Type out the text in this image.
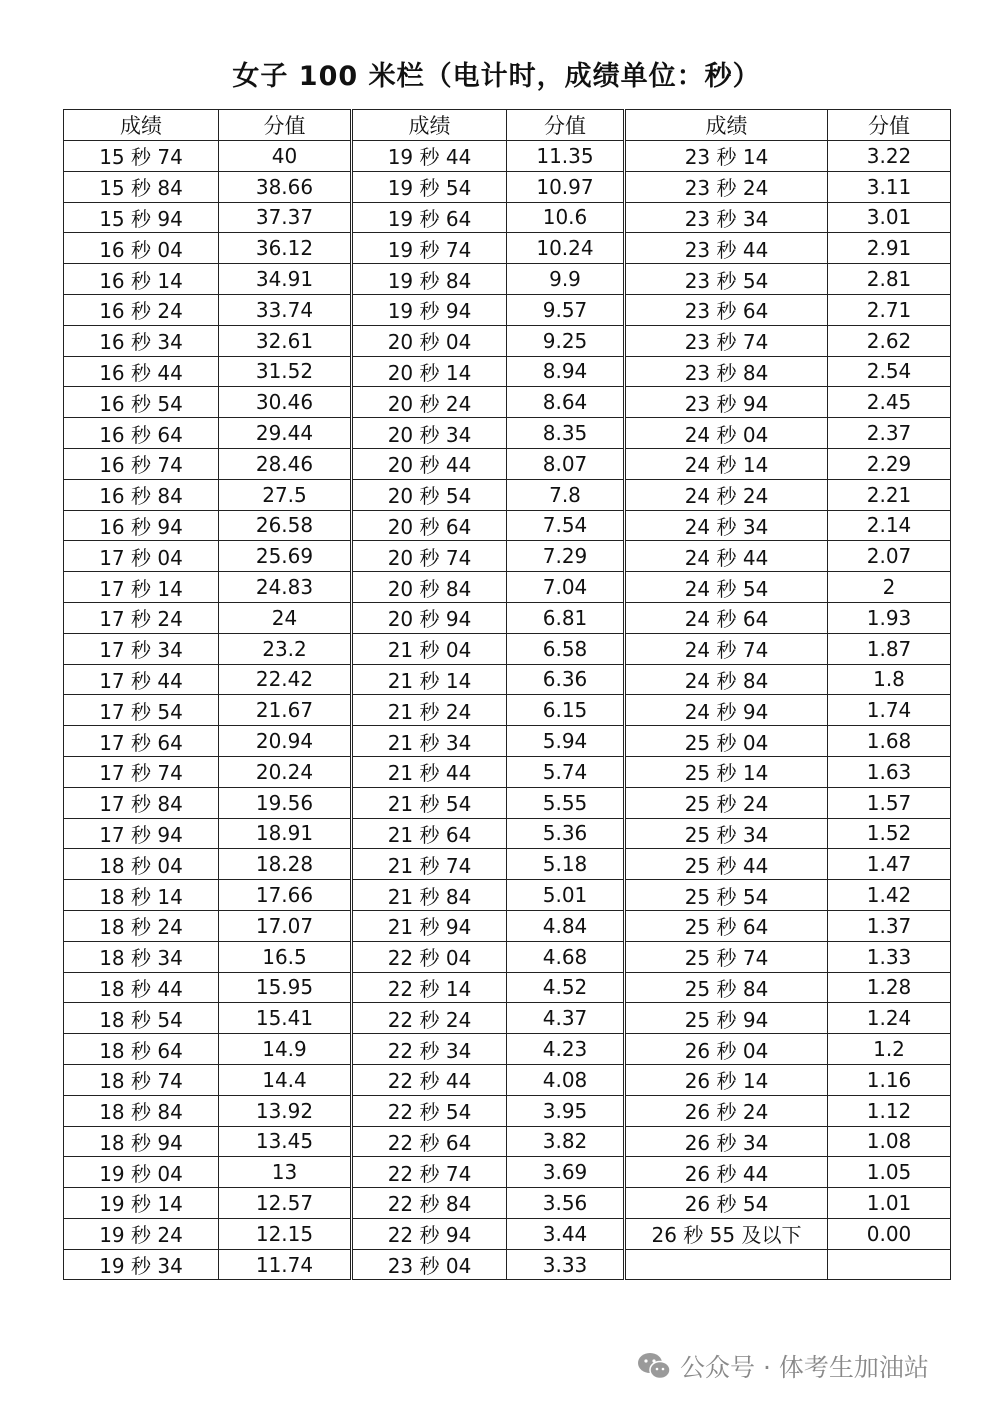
女子 100 米栏（电计时，成绩单位：秒）
成绩	分值	成绩	分值	成绩	分值
15 秒 74	40	19 秒 44	11.35	23 秒 14	3.22
15 秒 84	38.66	19 秒 54	10.97	23 秒 24	3.11
15 秒 94	37.37	19 秒 64	10.6	23 秒 34	3.01
16 秒 04	36.12	19 秒 74	10.24	23 秒 44	2.91
16 秒 14	34.91	19 秒 84	9.9	23 秒 54	2.81
16 秒 24	33.74	19 秒 94	9.57	23 秒 64	2.71
16 秒 34	32.61	20 秒 04	9.25	23 秒 74	2.62
16 秒 44	31.52	20 秒 14	8.94	23 秒 84	2.54
16 秒 54	30.46	20 秒 24	8.64	23 秒 94	2.45
16 秒 64	29.44	20 秒 34	8.35	24 秒 04	2.37
16 秒 74	28.46	20 秒 44	8.07	24 秒 14	2.29
16 秒 84	27.5	20 秒 54	7.8	24 秒 24	2.21
16 秒 94	26.58	20 秒 64	7.54	24 秒 34	2.14
17 秒 04	25.69	20 秒 74	7.29	24 秒 44	2.07
17 秒 14	24.83	20 秒 84	7.04	24 秒 54	2
17 秒 24	24	20 秒 94	6.81	24 秒 64	1.93
17 秒 34	23.2	21 秒 04	6.58	24 秒 74	1.87
17 秒 44	22.42	21 秒 14	6.36	24 秒 84	1.8
17 秒 54	21.67	21 秒 24	6.15	24 秒 94	1.74
17 秒 64	20.94	21 秒 34	5.94	25 秒 04	1.68
17 秒 74	20.24	21 秒 44	5.74	25 秒 14	1.63
17 秒 84	19.56	21 秒 54	5.55	25 秒 24	1.57
17 秒 94	18.91	21 秒 64	5.36	25 秒 34	1.52
18 秒 04	18.28	21 秒 74	5.18	25 秒 44	1.47
18 秒 14	17.66	21 秒 84	5.01	25 秒 54	1.42
18 秒 24	17.07	21 秒 94	4.84	25 秒 64	1.37
18 秒 34	16.5	22 秒 04	4.68	25 秒 74	1.33
18 秒 44	15.95	22 秒 14	4.52	25 秒 84	1.28
18 秒 54	15.41	22 秒 24	4.37	25 秒 94	1.24
18 秒 64	14.9	22 秒 34	4.23	26 秒 04	1.2
18 秒 74	14.4	22 秒 44	4.08	26 秒 14	1.16
18 秒 84	13.92	22 秒 54	3.95	26 秒 24	1.12
18 秒 94	13.45	22 秒 64	3.82	26 秒 34	1.08
19 秒 04	13	22 秒 74	3.69	26 秒 44	1.05
19 秒 14	12.57	22 秒 84	3.56	26 秒 54	1.01
19 秒 24	12.15	22 秒 94	3.44	26 秒 55 及以下	0.00
19 秒 34	11.74	23 秒 04	3.33		
公众号 · 体考生加油站
